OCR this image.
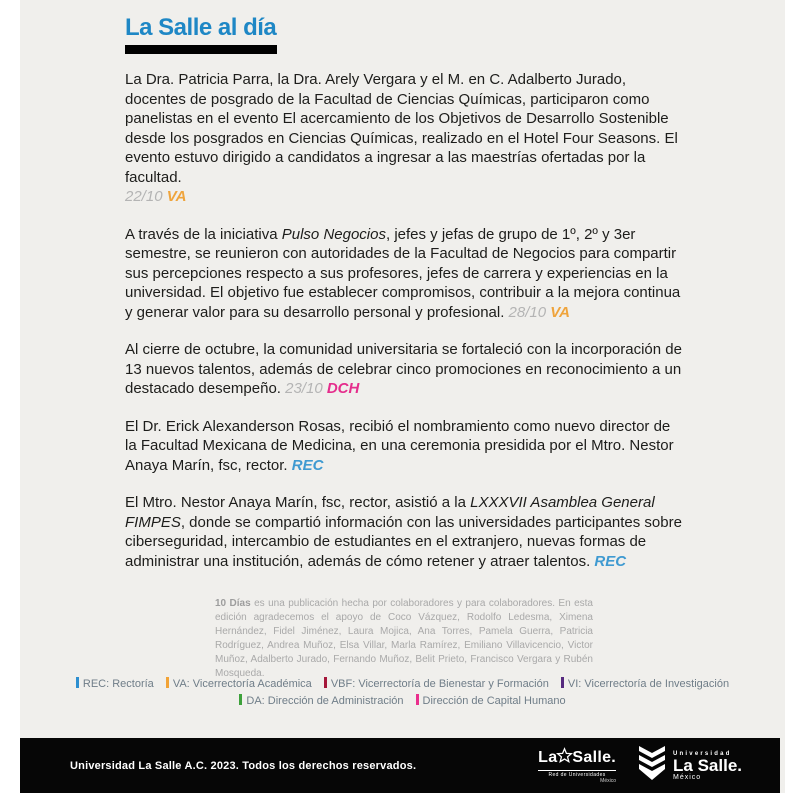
La Salle al día

La Dra. Patricia Parra, la Dra. Arely Vergara y el M. en C. Adalberto Jurado, docentes de posgrado de la Facultad de Ciencias Químicas, participaron como panelistas en el evento El acercamiento de los Objetivos de Desarrollo Sostenible desde los posgrados en Ciencias Químicas, realizado en el Hotel Four Seasons. El evento estuvo dirigido a candidatos a ingresar a las maestrías ofertadas por la facultad.
22/10 VA

A través de la iniciativa Pulso Negocios, jefes y jefas de grupo de 1º, 2º y 3er semestre, se reunieron con autoridades de la Facultad de Negocios para compartir sus percepciones respecto a sus profesores, jefes de carrera y experiencias en la universidad. El objetivo fue establecer compromisos, contribuir a la mejora continua y generar valor para su desarrollo personal y profesional. 28/10 VA

Al cierre de octubre, la comunidad universitaria se fortaleció con la incorporación de 13 nuevos talentos, además de celebrar cinco promociones en reconocimiento a un destacado desempeño. 23/10 DCH

El Dr. Erick Alexanderson Rosas, recibió el nombramiento como nuevo director de la Facultad Mexicana de Medicina, en una ceremonia presidida por el Mtro. Nestor Anaya Marín, fsc, rector. REC

El Mtro. Nestor Anaya Marín, fsc, rector, asistió a la LXXXVII Asamblea General FIMPES, donde se compartió información con las universidades participantes sobre ciberseguridad, intercambio de estudiantes en el extranjero, nuevas formas de administrar una institución, además de cómo retener y atraer talentos. REC

10 Días es una publicación hecha por colaboradores y para colaboradores. En esta edición agradecemos el apoyo de Coco Vázquez, Rodolfo Ledesma, Ximena Hernández, Fidel Jiménez, Laura Mojica, Ana Torres, Pamela Guerra, Patricia Rodríguez, Andrea Muñoz, Elsa Villar, Marla Ramírez, Emiliano Villavicencio, Victor Muñoz, Adalberto Jurado, Fernando Muñoz, Belit Prieto, Francisco Vergara y Rubén Mosqueda.

REC: Rectoría VA: Vicerrectoría Académica VBF: Vicerrectoría de Bienestar y Formación VI: Vicerrectoría de Investigación
DA: Dirección de Administración Dirección de Capital Humano
Universidad La Salle A.C. 2023. Todos los derechos reservados.	La Salle.
Red de Universidades
México
Universidad
La Salle.
México
